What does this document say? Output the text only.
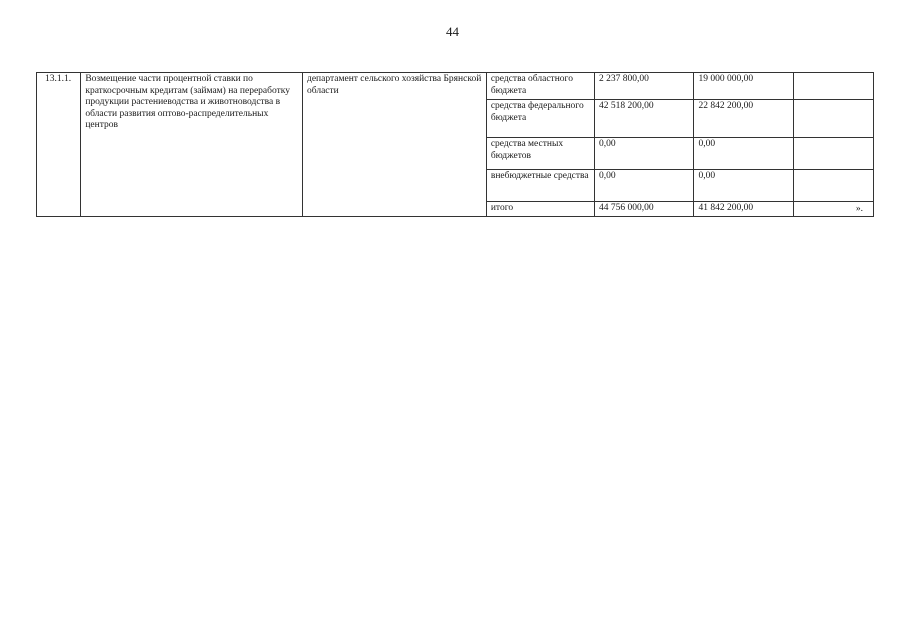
44
13.1.1.	Возмещение части процентной ставки по краткосрочным кредитам (займам) на переработку продукции растениеводства и животноводства в области развития оптово-распределительных центров	департамент сельского хозяйства Брянской области	средства областного бюджета	2 237 800,00	19 000 000,00	
			средства федерального бюджета	42 518 200,00	22 842 200,00	
			средства местных бюджетов	0,00	0,00	
			внебюджетные средства	0,00	0,00	
			итого	44 756 000,00	41 842 200,00	».
